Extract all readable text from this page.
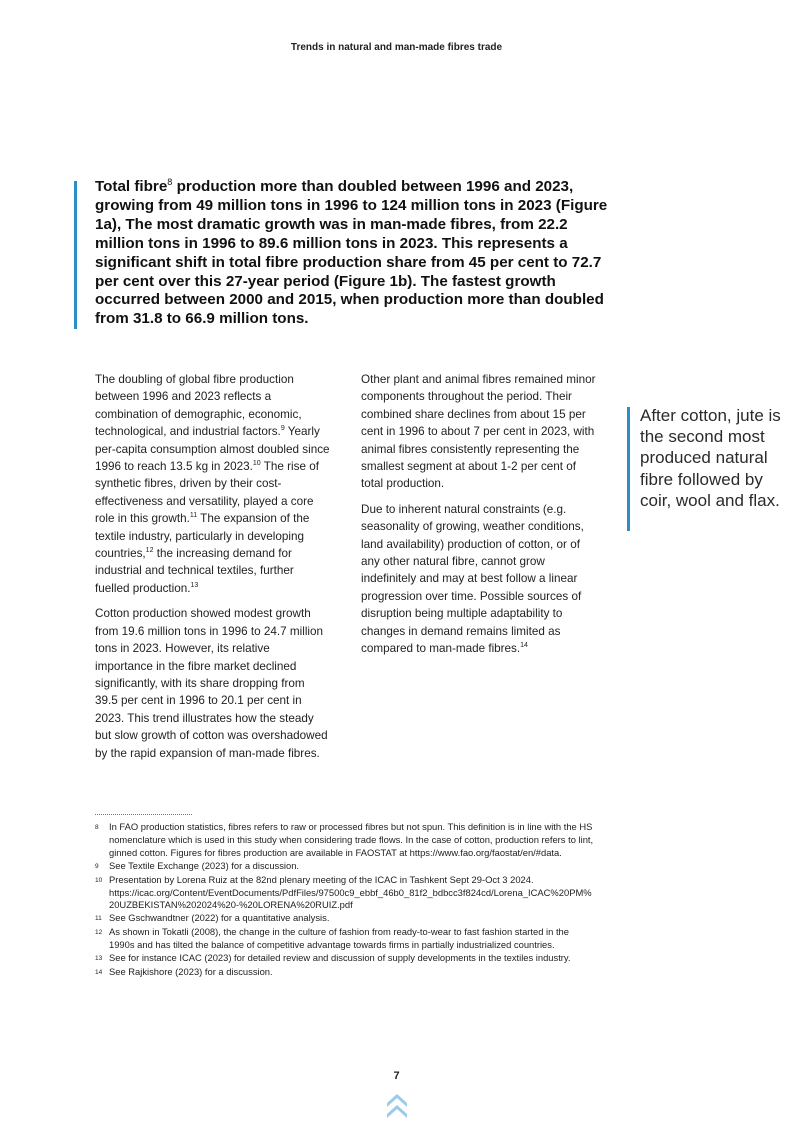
Trends in natural and man-made fibres trade
Total fibre$^8$ production more than doubled between 1996 and 2023, growing from 49 million tons in 1996 to 124 million tons in 2023 (Figure 1a), The most dramatic growth was in man-made fibres, from 22.2 million tons in 1996 to 89.6 million tons in 2023. This represents a significant shift in total fibre production share from 45 per cent to 72.7 per cent over this 27-year period (Figure 1b). The fastest growth occurred between 2000 and 2015, when production more than doubled from 31.8 to 66.9 million tons.

The doubling of global fibre production between 1996 and 2023 reflects a combination of demographic, economic, technological, and industrial factors.$^9$ Yearly per-capita consumption almost doubled since 1996 to reach 13.5 kg in 2023.10 The rise of synthetic fibres, driven by their cost-effectiveness and versatility, played a core role in this growth.$^{11}$ The expansion of the textile industry, particularly in developing countries,$^{12}$ the increasing demand for industrial and technical textiles, further fuelled production.$^{13}$

Cotton production showed modest growth from 19.6 million tons in 1996 to 24.7 million tons in 2023. However, its relative importance in the fibre market declined significantly, with its share dropping from 39.5 per cent in 1996 to 20.1 per cent in 2023. This trend illustrates how the steady but slow growth of cotton was overshadowed by the rapid expansion of man-made fibres.

Other plant and animal fibres remained minor components throughout the period. Their combined share declines from about 15 per cent in 1996 to about 7 per cent in 2023, with animal fibres consistently representing the smallest segment at about 1-2 per cent of total production.

Due to inherent natural constraints (e.g. seasonality of growing, weather conditions, land availability) production of cotton, or of any other natural fibre, cannot grow indefinitely and may at best follow a linear progression over time. Possible sources of disruption being multiple adaptability to changes in demand remains limited as compared to man-made fibres.$^{14}$

After cotton, jute is the second most produced natural fibre followed by coir, wool and flax.
8	In FAO production statistics, fibres refers to raw or processed fibres but not spun. This definition is in line with the HS nomenclature which is used in this study when considering trade flows. In the case of cotton, production refers to lint, ginned cotton. Figures for fibres production are available in FAOSTAT at https://www.fao.org/faostat/en/#data.
9	See Textile Exchange (2023) for a discussion.
10 Presentation by Lorena Ruiz at the 82nd plenary meeting of the ICAC in Tashkent Sept 29-Oct 3 2024. https://icac.org/Content/EventDocuments/PdfFiles/97500c9_ebbf_46b0_81f2_bdbcc3f824cd/Lorena_ICAC%20PM%20UZBEKISTAN%202024%20-%20LORENA%20RUIZ.pdf
11 See Gschwandtner (2022) for a quantitative analysis.
12 As shown in Tokatli (2008), the change in the culture of fashion from ready-to-wear to fast fashion started in the 1990s and has tilted the balance of competitive advantage towards firms in partially industrialized countries.
13 See for instance ICAC (2023) for detailed review and discussion of supply developments in the textiles industry.
14 See Rajkishore (2023) for a discussion.
7
